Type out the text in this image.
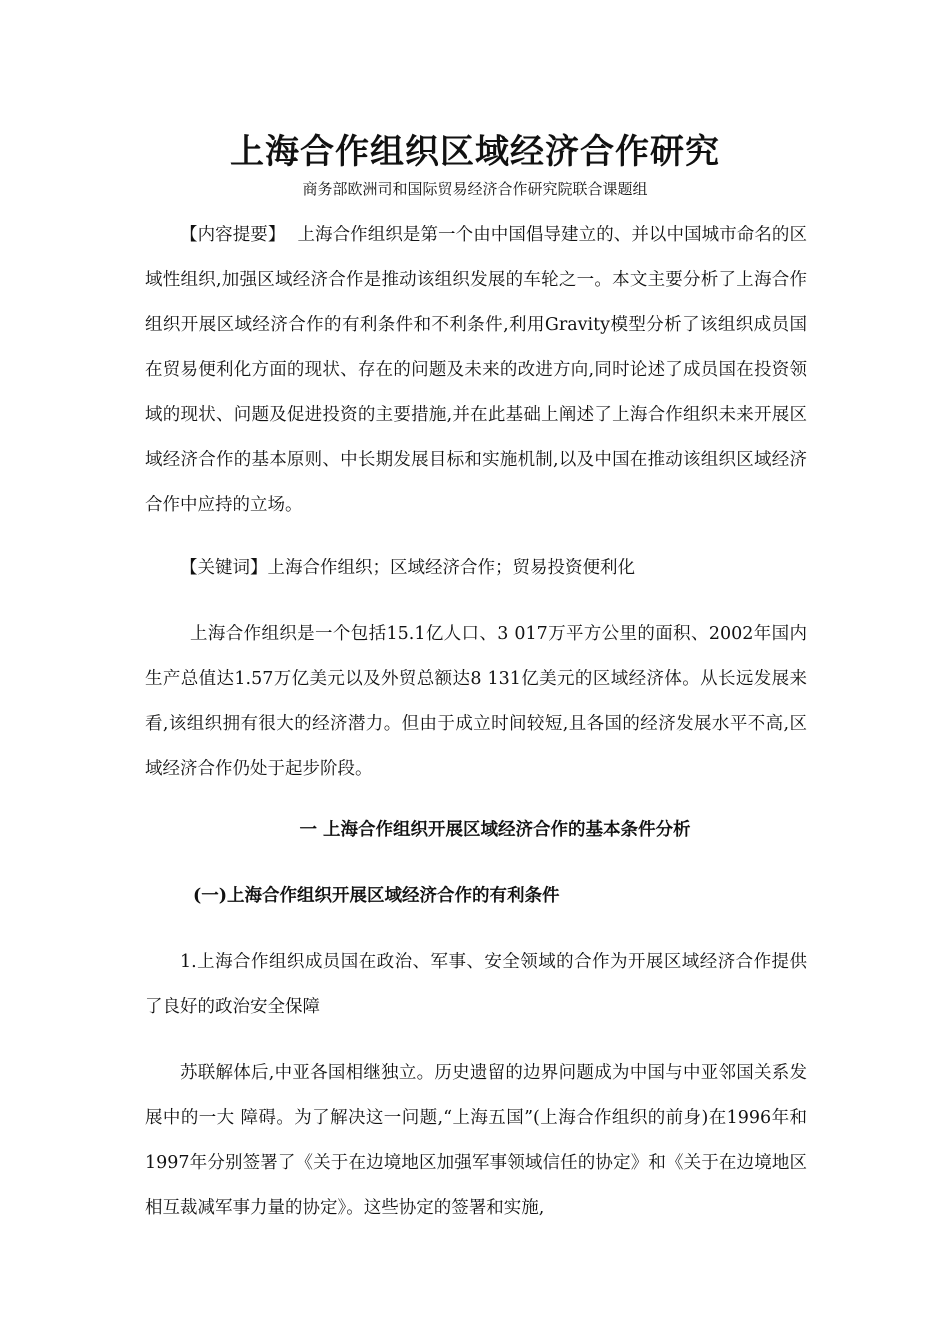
上海合作组织区域经济合作研究
商务部欧洲司和国际贸易经济合作研究院联合课题组

【内容提要】 上海合作组织是第一个由中国倡导建立的、并以中国城市命名的区域性组织,加强区域经济合作是推动该组织发展的车轮之一。本文主要分析了上海合作组织开展区域经济合作的有利条件和不利条件,利用Gravity模型分析了该组织成员国在贸易便利化方面的现状、存在的问题及未来的改进方向,同时论述了成员国在投资领域的现状、问题及促进投资的主要措施,并在此基础上阐述了上海合作组织未来开展区域经济合作的基本原则、中长期发展目标和实施机制,以及中国在推动该组织区域经济合作中应持的立场。

【关键词】上海合作组织；区域经济合作；贸易投资便利化

上海合作组织是一个包括15.1亿人口、3 017万平方公里的面积、2002年国内生产总值达1.57万亿美元以及外贸总额达8 131亿美元的区域经济体。从长远发展来看,该组织拥有很大的经济潜力。但由于成立时间较短,且各国的经济发展水平不高,区域经济合作仍处于起步阶段。

一 上海合作组织开展区域经济合作的基本条件分析
(一)上海合作组织开展区域经济合作的有利条件

1.上海合作组织成员国在政治、军事、安全领域的合作为开展区域经济合作提供了良好的政治安全保障

苏联解体后,中亚各国相继独立。历史遗留的边界问题成为中国与中亚邻国关系发展中的一大 障碍。为了解决这一问题,“上海五国”(上海合作组织的前身)在1996年和1997年分别签署了《关于在边境地区加强军事领域信任的协定》和《关于在边境地区相互裁减军事力量的协定》。这些协定的签署和实施,
